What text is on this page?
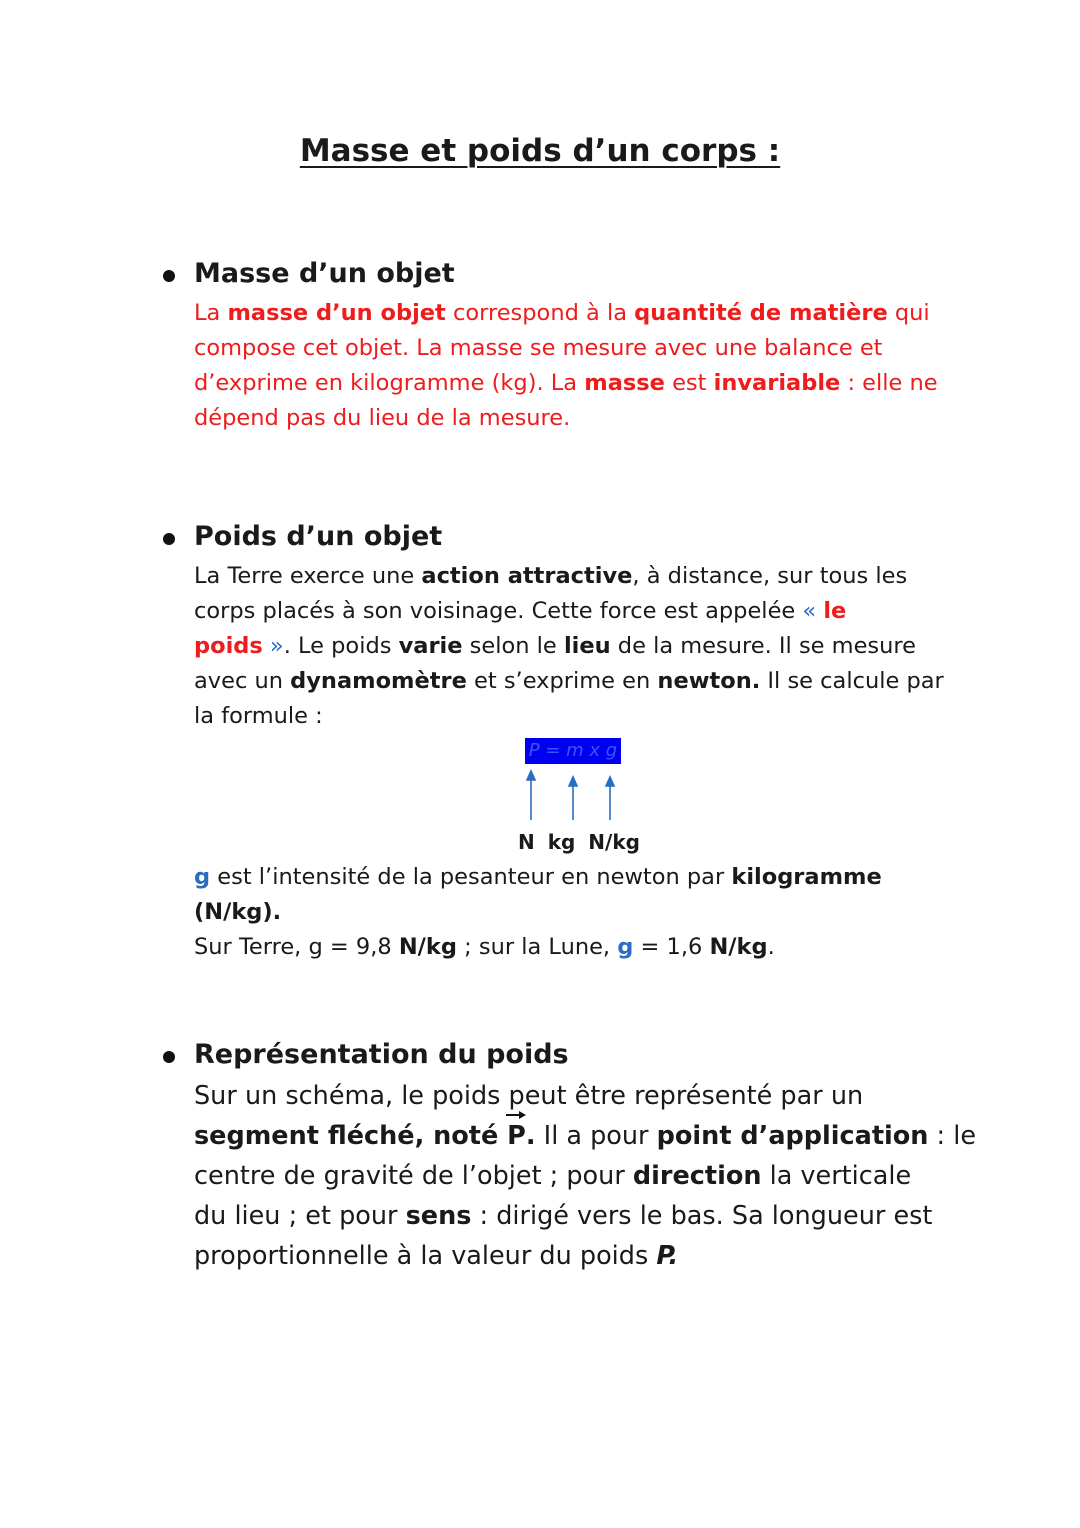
Masse et poids d’un corps :
Masse d’un objet
La masse d’un objet correspond à la quantité de matière qui
compose cet objet. La masse se mesure avec une balance et
d’exprime en kilogramme (kg). La masse est invariable : elle ne
dépend pas du lieu de la mesure.
Poids d’un objet
La Terre exerce une action attractive, à distance, sur tous les
corps placés à son voisinage. Cette force est appelée « le
poids ». Le poids varie selon le lieu de la mesure. Il se mesure
avec un dynamomètre et s’exprime en newton. Il se calcule par
la formule :
P = m x g
N kg N/kg
g est l’intensité de la pesanteur en newton par kilogramme
(N/kg).
Sur Terre, g = 9,8 N/kg ; sur la Lune, g = 1,6 N/kg.
Représentation du poids
Sur un schéma, le poids peut être représenté par un
segment fléché, noté
P. Il a pour point d’application : le
centre de gravité de l’objet ; pour direction la verticale
du lieu ; et pour sens : dirigé vers le bas. Sa longueur est
proportionnelle à la valeur du poids P.
